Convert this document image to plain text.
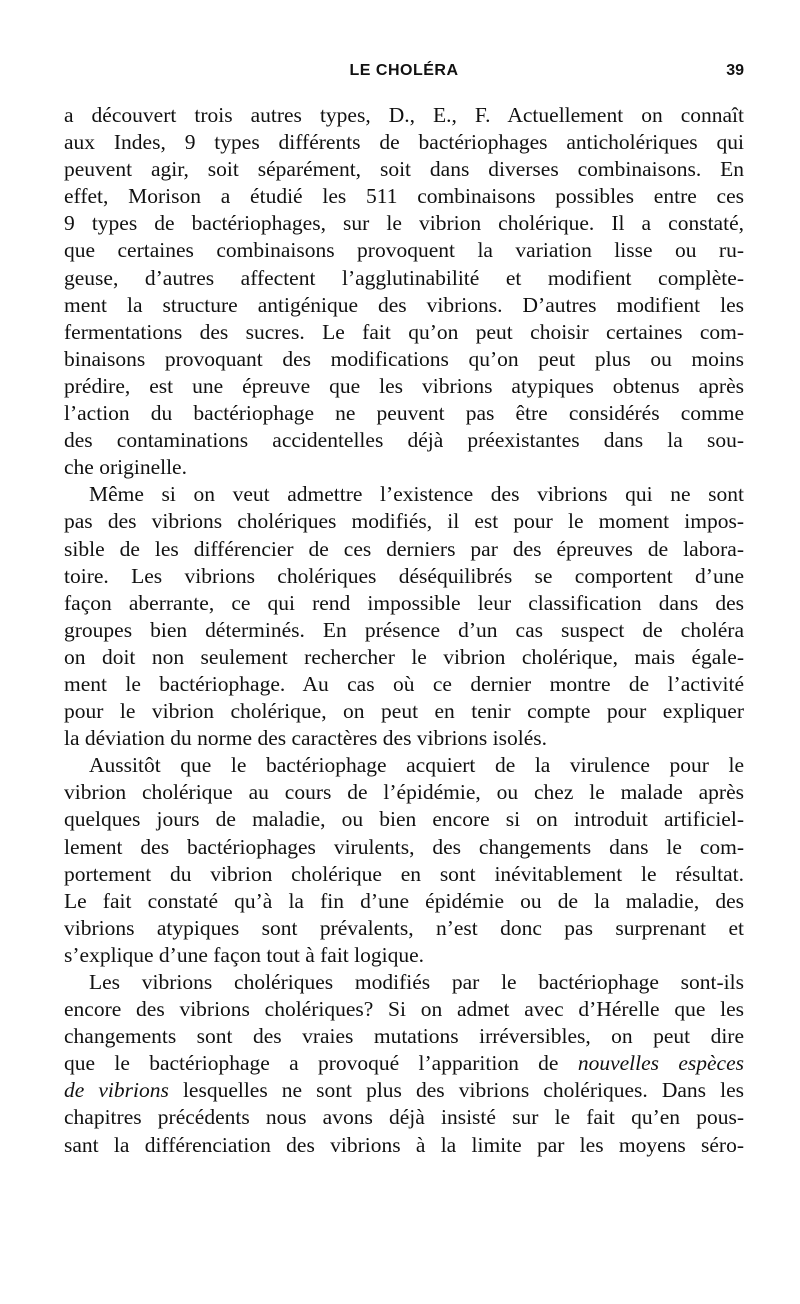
LE CHOLÉRA	39

a découvert trois autres types, D., E., F. Actuellement on connaît
aux Indes, 9 types différents de bactériophages anticholériques qui
peuvent agir, soit séparément, soit dans diverses combinaisons. En
effet, Morison a étudié les 511 combinaisons possibles entre ces
9 types de bactériophages, sur le vibrion cholérique. Il a constaté,
que certaines combinaisons provoquent la variation lisse ou ru-
geuse, d’autres affectent l’agglutinabilité et modifient complète-
ment la structure antigénique des vibrions. D’autres modifient les
fermentations des sucres. Le fait qu’on peut choisir certaines com-
binaisons provoquant des modifications qu’on peut plus ou moins
prédire, est une épreuve que les vibrions atypiques obtenus après
l’action du bactériophage ne peuvent pas être considérés comme
des contaminations accidentelles déjà préexistantes dans la sou-
che originelle.

Même si on veut admettre l’existence des vibrions qui ne sont
pas des vibrions cholériques modifiés, il est pour le moment impos-
sible de les différencier de ces derniers par des épreuves de labora-
toire. Les vibrions cholériques déséquilibrés se comportent d’une
façon aberrante, ce qui rend impossible leur classification dans des
groupes bien déterminés. En présence d’un cas suspect de choléra
on doit non seulement rechercher le vibrion cholérique, mais égale-
ment le bactériophage. Au cas où ce dernier montre de l’activité
pour le vibrion cholérique, on peut en tenir compte pour expliquer
la déviation du norme des caractères des vibrions isolés.

Aussitôt que le bactériophage acquiert de la virulence pour le
vibrion cholérique au cours de l’épidémie, ou chez le malade après
quelques jours de maladie, ou bien encore si on introduit artificiel-
lement des bactériophages virulents, des changements dans le com-
portement du vibrion cholérique en sont inévitablement le résultat.
Le fait constaté qu’à la fin d’une épidémie ou de la maladie, des
vibrions atypiques sont prévalents, n’est donc pas surprenant et
s’explique d’une façon tout à fait logique.

Les vibrions cholériques modifiés par le bactériophage sont-ils
encore des vibrions cholériques? Si on admet avec d’Hérelle que les
changements sont des vraies mutations irréversibles, on peut dire
que le bactériophage a provoqué l’apparition de nouvelles espèces
de vibrions lesquelles ne sont plus des vibrions cholériques. Dans les
chapitres précédents nous avons déjà insisté sur le fait qu’en pous-
sant la différenciation des vibrions à la limite par les moyens séro-
